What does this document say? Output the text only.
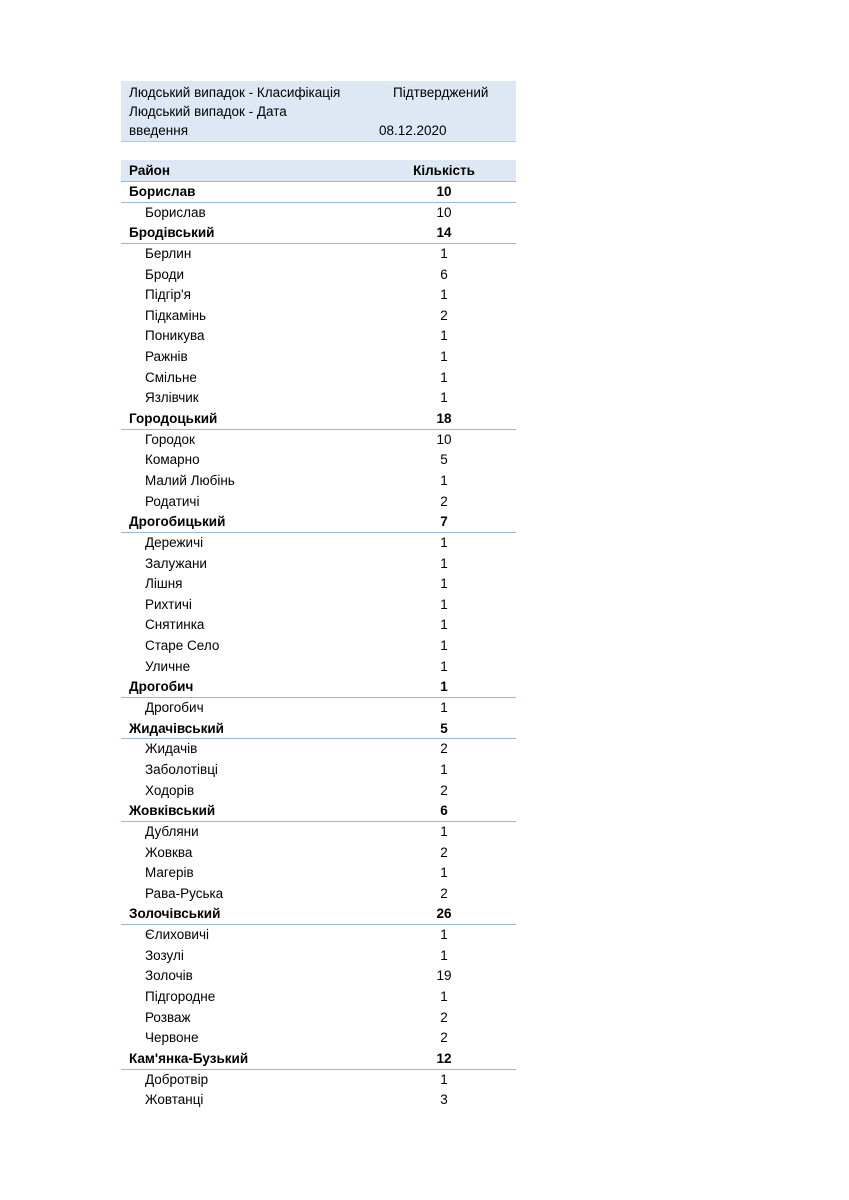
Людський випадок - Класифікація	Підтверджений
Людський випадок - Дата
введення	08.12.2020
Район	Кількість
Борислав	10
Борислав	10
Бродівський	14
Берлин	1
Броди	6
Підгір'я	1
Підкамінь	2
Поникува	1
Ражнів	1
Смільне	1
Язлівчик	1
Городоцький	18
Городок	10
Комарно	5
Малий Любінь	1
Родатичі	2
Дрогобицький	7
Дережичі	1
Залужани	1
Лішня	1
Рихтичі	1
Снятинка	1
Старе Село	1
Уличне	1
Дрогобич	1
Дрогобич	1
Жидачівський	5
Жидачів	2
Заболотівці	1
Ходорів	2
Жовківський	6
Дубляни	1
Жовква	2
Магерів	1
Рава-Руська	2
Золочівський	26
Єлиховичі	1
Зозулі	1
Золочів	19
Підгородне	1
Розваж	2
Червоне	2
Кам'янка-Бузький	12
Добротвір	1
Жовтанці	3
